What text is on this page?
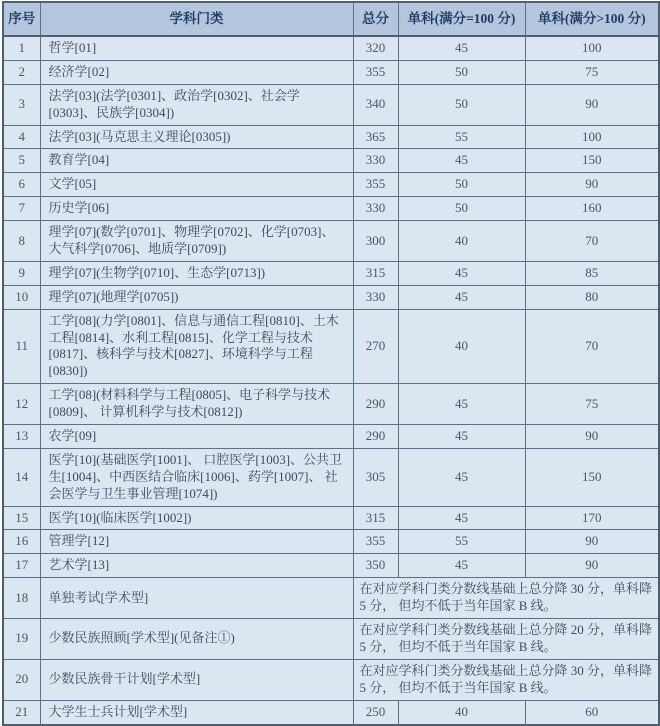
序号	学科门类	总分	单科(满分=100 分)	单科(满分>100 分)
1	哲学[01]	320	45	100
2	经济学[02]	355	50	75
3	法学[03](法学[0301]、政治学[0302]、社会学[0303]、民族学[0304])	340	50	90
4	法学[03](马克思主义理论[0305])	365	55	100
5	教育学[04]	330	45	150
6	文学[05]	355	50	90
7	历史学[06]	330	50	160
8	理学[07](数学[0701]、物理学[0702]、化学[0703]、大气科学[0706]、地质学[0709])	300	40	70
9	理学[07](生物学[0710]、生态学[0713])	315	45	85
10	理学[07](地理学[0705])	330	45	80
11	工学[08](力学[0801]、信息与通信工程[0810]、土木工程[0814]、水利工程[0815]、化学工程与技术[0817]、核科学与技术[0827]、环境科学与工程[0830])	270	40	70
12	工学[08](材料科学与工程[0805]、电子科学与技术[0809]、 计算机科学与技术[0812])	290	45	75
13	农学[09]	290	45	90
14	医学[10](基础医学[1001]、 口腔医学[1003]、公共卫生[1004]、中西医结合临床[1006]、药学[1007]、 社会医学与卫生事业管理[1074])	305	45	150
15	医学[10](临床医学[1002])	315	45	170
16	管理学[12]	355	55	90
17	艺术学[13]	350	45	90
18	单独考试[学术型]	在对应学科门类分数线基础上总分降 30 分，单科降 5 分， 但均不低于当年国家 B 线。		
19	少数民族照顾[学术型](见备注①)	在对应学科门类分数线基础上总分降 20 分，单科降 5 分， 但均不低于当年国家 B 线。		
20	少数民族骨干计划[学术型]	在对应学科门类分数线基础上总分降 30 分，单科降 5 分， 但均不低于当年国家 B 线。		
21	大学生士兵计划[学术型]	250	40	60
